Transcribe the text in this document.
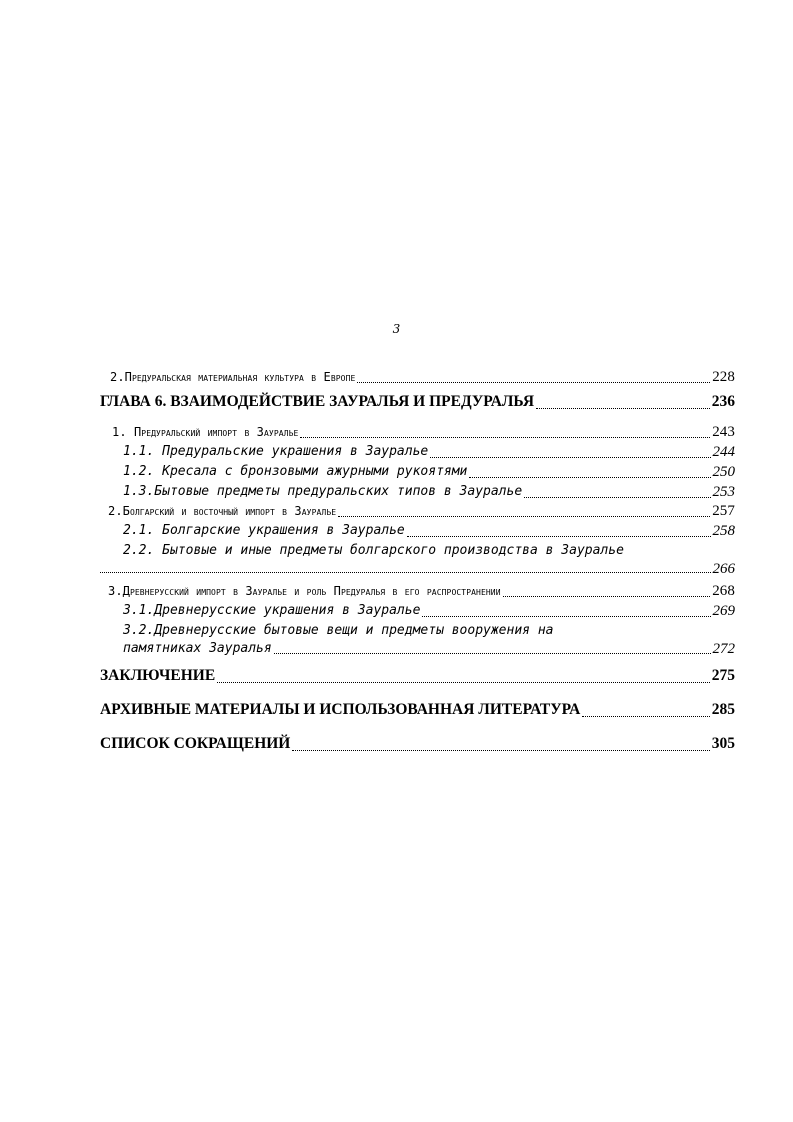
3
2.Предуральская материальная культура в Европе	228
ГЛАВА 6. ВЗАИМОДЕЙСТВИЕ ЗАУРАЛЬЯ И ПРЕДУРАЛЬЯ	236
1. Предуральский импорт в Зауралье	243
1.1. Предуральские украшения в Зауралье	244
1.2. Кресала с бронзовыми ажурными рукоятями	250
1.3.Бытовые предметы предуральских типов в Зауралье	253
2.Болгарский и восточный импорт в Зауралье	257
2.1. Болгарские украшения в Зауралье	258
2.2. Бытовые и иные предметы болгарского производства в Зауралье
266
3.Древнерусский импорт в Зауралье и роль Предуралья в его распространении	268
3.1.Древнерусские украшения в Зауралье	269
3.2.Древнерусские бытовые вещи и предметы вооружения на
памятниках Зауралья	272
ЗАКЛЮЧЕНИЕ	275
АРХИВНЫЕ МАТЕРИАЛЫ И ИСПОЛЬЗОВАННАЯ ЛИТЕРАТУРА	285
СПИСОК СОКРАЩЕНИЙ	305
